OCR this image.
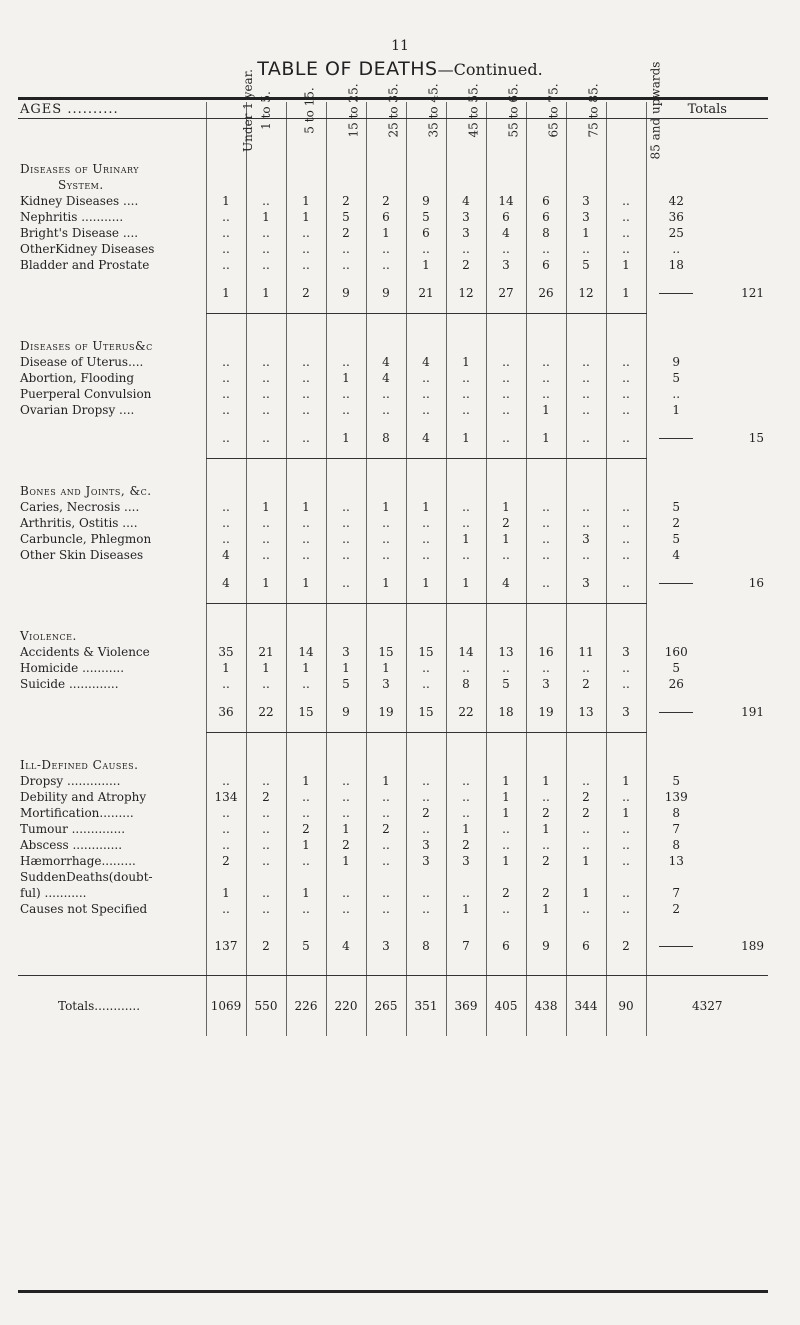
11
TABLE OF DEATHS—Continued.
AGES ..........	Under 1 year.	1 to 5.	5 to 15.	15 to 25.	25 to 35.	35 to 45.	45 to 55.	55 to 65.	65 to 75.	75 to 85.	85 and upwards	Totals	

Diseases of Urinary													
System.													
Kidney Diseases ....	1	..	1	2	2	9	4	14	6	3	..	42	
Nephritis ...........	..	1	1	5	6	5	3	6	6	3	..	36	
Bright's Disease ....	..	..	..	2	1	6	3	4	8	1	..	25	
OtherKidney Diseases	..	..	..	..	..	..	..	..	..	..	..	..	
Bladder and Prostate	..	..	..	..	..	1	2	3	6	5	1	18	
	1	1	2	9	9	21	12	27	26	12	1		121

Diseases of Uterus&c													
Disease of Uterus....	..	..	..	..	4	4	1	..	..	..	..	9	
Abortion, Flooding	..	..	..	1	4	..	..	..	..	..	..	5	
Puerperal Convulsion	..	..	..	..	..	..	..	..	..	..	..	..	
Ovarian Dropsy ....	..	..	..	..	..	..	..	..	1	..	..	1	
	..	..	..	1	8	4	1	..	1	..	..		15

Bones and Joints, &c.													
Caries, Necrosis ....	..	1	1	..	1	1	..	1	..	..	..	5	
Arthritis, Ostitis ....	..	..	..	..	..	..	..	2	..	..	..	2	
Carbuncle, Phlegmon	..	..	..	..	..	..	1	1	..	3	..	5	
Other Skin Diseases	4	..	..	..	..	..	..	..	..	..	..	4	
	4	1	1	..	1	1	1	4	..	3	..		16

Violence.													
Accidents & Violence	35	21	14	3	15	15	14	13	16	11	3	160	
Homicide ...........	1	1	1	1	1	..	..	..	..	..	..	5	
Suicide .............	..	..	..	5	3	..	8	5	3	2	..	26	
	36	22	15	9	19	15	22	18	19	13	3		191

Ill-Defined Causes.													
Dropsy ..............	..	..	1	..	1	..	..	1	1	..	1	5	
Debility and Atrophy	134	2	..	..	..	..	..	1	..	2	..	139	
Mortification.........	..	..	..	..	..	2	..	1	2	2	1	8	
Tumour ..............	..	..	2	1	2	..	1	..	1	..	..	7	
Abscess .............	..	..	1	2	..	3	2	..	..	..	..	8	
Hæmorrhage.........	2	..	..	1	..	3	3	1	2	1	..	13	
SuddenDeaths(doubt-													
ful) ...........	1	..	1	..	..	..	..	2	2	1	..	7	
Causes not Specified	..	..	..	..	..	..	1	..	1	..	..	2	
	137	2	5	4	3	8	7	6	9	6	2		189
Totals............	1069	550	226	220	265	351	369	405	438	344	90	4327	
